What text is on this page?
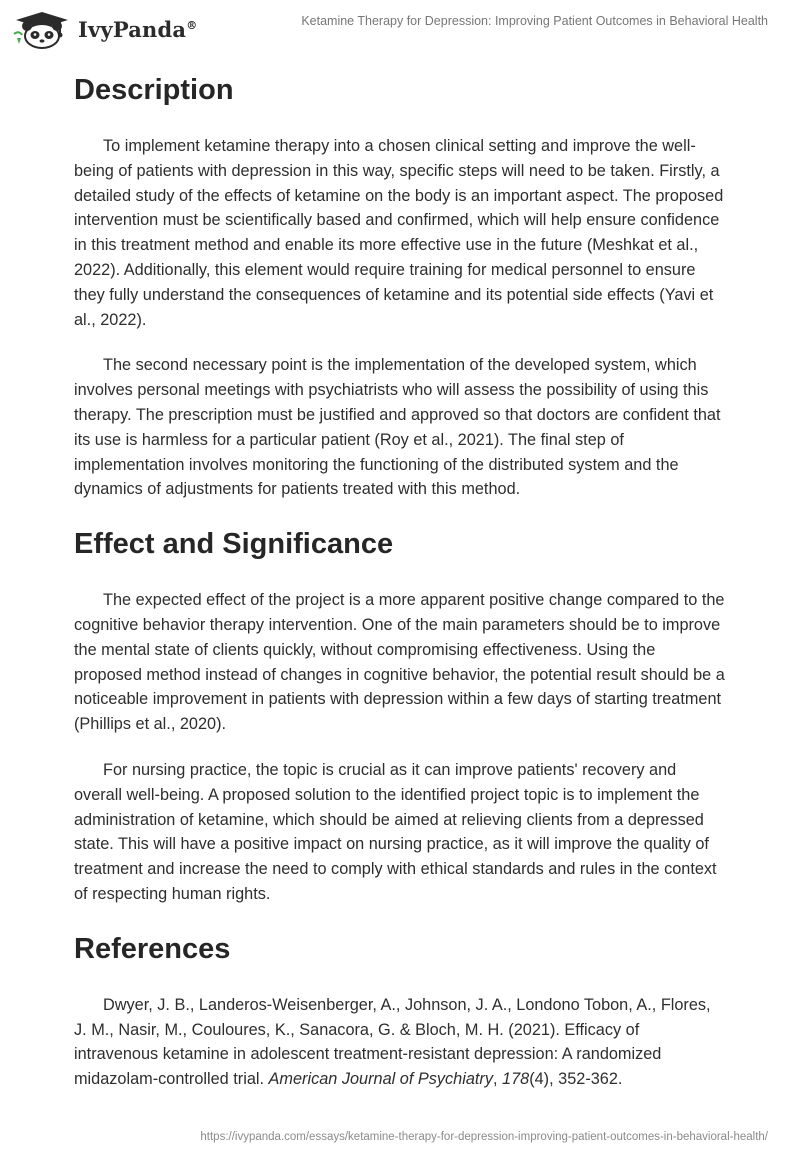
IvyPanda®	Ketamine Therapy for Depression: Improving Patient Outcomes in Behavioral Health
Description

To implement ketamine therapy into a chosen clinical setting and improve the well-being of patients with depression in this way, specific steps will need to be taken. Firstly, a detailed study of the effects of ketamine on the body is an important aspect. The proposed intervention must be scientifically based and confirmed, which will help ensure confidence in this treatment method and enable its more effective use in the future (Meshkat et al., 2022). Additionally, this element would require training for medical personnel to ensure they fully understand the consequences of ketamine and its potential side effects (Yavi et al., 2022).

The second necessary point is the implementation of the developed system, which involves personal meetings with psychiatrists who will assess the possibility of using this therapy. The prescription must be justified and approved so that doctors are confident that its use is harmless for a particular patient (Roy et al., 2021). The final step of implementation involves monitoring the functioning of the distributed system and the dynamics of adjustments for patients treated with this method.

Effect and Significance

The expected effect of the project is a more apparent positive change compared to the cognitive behavior therapy intervention. One of the main parameters should be to improve the mental state of clients quickly, without compromising effectiveness. Using the proposed method instead of changes in cognitive behavior, the potential result should be a noticeable improvement in patients with depression within a few days of starting treatment (Phillips et al., 2020).

For nursing practice, the topic is crucial as it can improve patients' recovery and overall well-being. A proposed solution to the identified project topic is to implement the administration of ketamine, which should be aimed at relieving clients from a depressed state. This will have a positive impact on nursing practice, as it will improve the quality of treatment and increase the need to comply with ethical standards and rules in the context of respecting human rights.

References

Dwyer, J. B., Landeros-Weisenberger, A., Johnson, J. A., Londono Tobon, A., Flores, J. M., Nasir, M., Couloures, K., Sanacora, G. & Bloch, M. H. (2021). Efficacy of intravenous ketamine in adolescent treatment-resistant depression: A randomized midazolam-controlled trial. American Journal of Psychiatry, 178(4), 352-362.

https://ivypanda.com/essays/ketamine-therapy-for-depression-improving-patient-outcomes-in-behavioral-health/
